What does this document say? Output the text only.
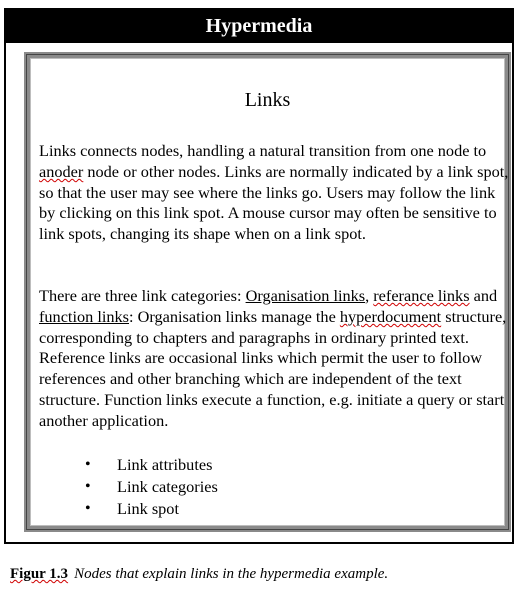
Hypermedia
Links

Links connects nodes, handling a natural transition from one node to anoder node or other nodes. Links are normally indicated by a link spot, so that the user may see where the links go. Users may follow the link by clicking on this link spot. A mouse cursor may often be sensitive to link spots, changing its shape when on a link spot.

There are three link categories: Organisation links, referance links and function links: Organisation links manage the hyperdocument structure, corresponding to chapters and paragraphs in ordinary printed text. Reference links are occasional links which permit the user to follow references and other branching which are independent of the text structure. Function links execute a function, e.g. initiate a query or start another application.

• Link attributes
• Link categories
• Link spot
Figur 1.3 Nodes that explain links in the hypermedia example.
